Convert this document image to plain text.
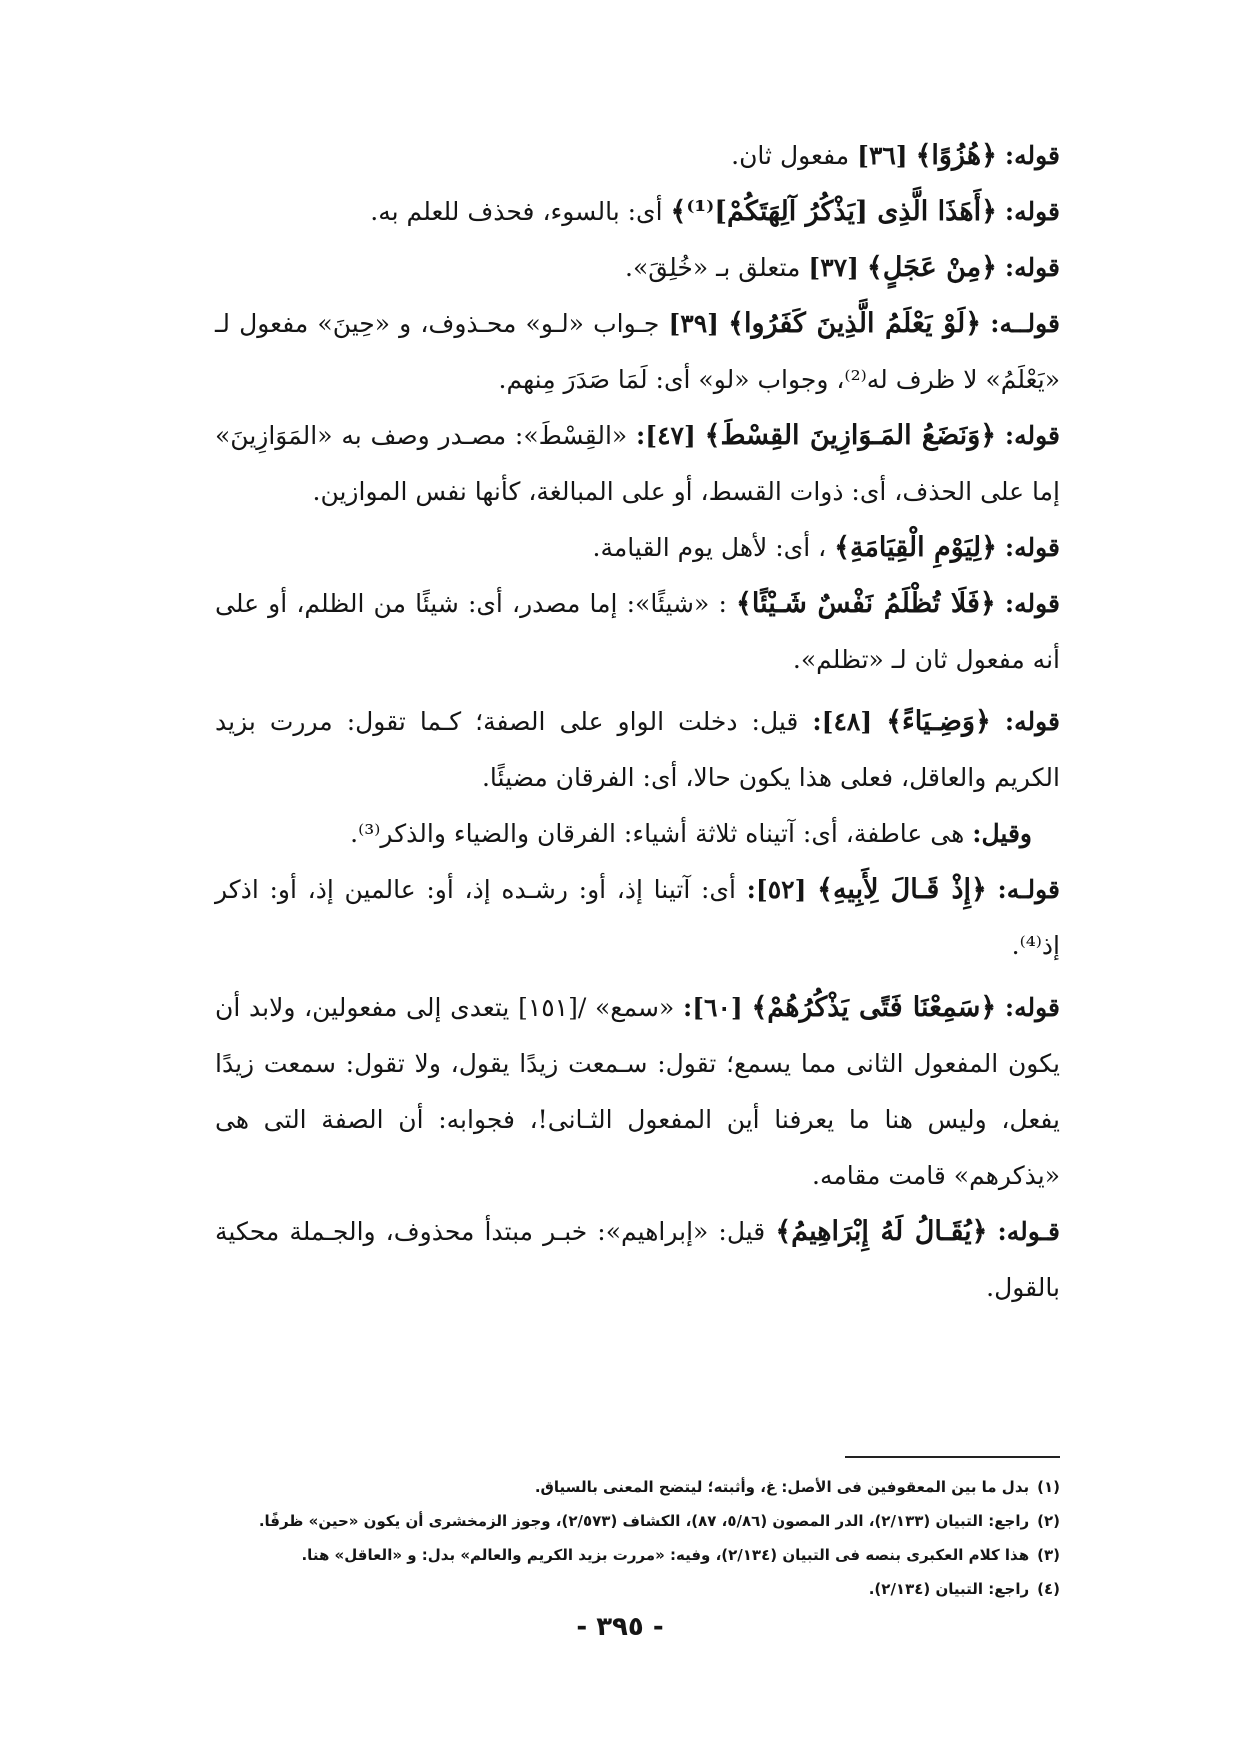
قوله: ﴿هُزُوًا﴾ [٣٦] مفعول ثان.

قوله: ﴿أَهَذَا الَّذِى [يَذْكُرُ آلِهَتَكُمْ]⁽¹⁾﴾ أى: بالسوء، فحذف للعلم به.

قوله: ﴿مِنْ عَجَلٍ﴾ [٣٧] متعلق بـ «خُلِقَ».

قولــه: ﴿لَوْ يَعْلَمُ الَّذِينَ كَفَرُوا﴾ [٣٩] جـواب «لـو» محـذوف، و «حِينَ» مفعول لـ «يَعْلَمُ» لا ظرف له⁽²⁾، وجواب «لو» أى: لَمَا صَدَرَ مِنهم.

قوله: ﴿وَنَضَعُ المَـوَازِينَ القِسْطَ﴾ [٤٧]: «القِسْطَ»: مصـدر وصف به «المَوَازِينَ» إما على الحذف، أى: ذوات القسط، أو على المبالغة، كأنها نفس الموازين.

قوله: ﴿لِيَوْمِ الْقِيَامَةِ﴾ ، أى: لأهل يوم القيامة.

قوله: ﴿فَلَا تُظْلَمُ نَفْسٌ شَـيْئًا﴾ : «شيئًا»: إما مصدر، أى: شيئًا من الظلم، أو على أنه مفعول ثان لـ «تظلم».

قوله: ﴿وَضِـيَاءً﴾ [٤٨]: قيل: دخلت الواو على الصفة؛ كـما تقول: مررت بزيد الكريم والعاقل، فعلى هذا يكون حالا، أى: الفرقان مضيئًا.

وقيل: هى عاطفة، أى: آتيناه ثلاثة أشياء: الفرقان والضياء والذكر⁽³⁾.

قولـه: ﴿إِذْ قَـالَ لِأَبِيهِ﴾ [٥٢]: أى: آتينا إذ، أو: رشـده إذ، أو: عالمين إذ، أو: اذكر إذ⁽⁴⁾.

قوله: ﴿سَمِعْنَا فَتًى يَذْكُرُهُمْ﴾ [٦٠]: «سمع» /[١٥١] يتعدى إلى مفعولين، ولابد أن يكون المفعول الثانى مما يسمع؛ تقول: سـمعت زيدًا يقول، ولا تقول: سمعت زيدًا يفعل، وليس هنا ما يعرفنا أين المفعول الثـانى!، فجوابه: أن الصفة التى هى «يذكرهم» قامت مقامه.

قـوله: ﴿يُقَـالُ لَهُ إِبْرَاهِيمُ﴾ قيل: «إبراهيم»: خبـر مبتدأ محذوف، والجـملة محكية بالقول.

(١)بدل ما بين المعقوفين فى الأصل: غ، وأثبته؛ ليتضح المعنى بالسياق.

(٢)راجع: التبيان (٢/١٣٣)، الدر المصون (٥/٨٦، ٨٧)، الكشاف (٢/٥٧٣)، وجوز الزمخشرى أن يكون «حين» ظرفًا.

(٣)هذا كلام العكبرى بنصه فى التبيان (٢/١٣٤)، وفيه: «مررت بزيد الكريم والعالم» بدل: و «العاقل» هنا.

(٤)راجع: التبيان (٢/١٣٤).

- ٣٩٥ -
